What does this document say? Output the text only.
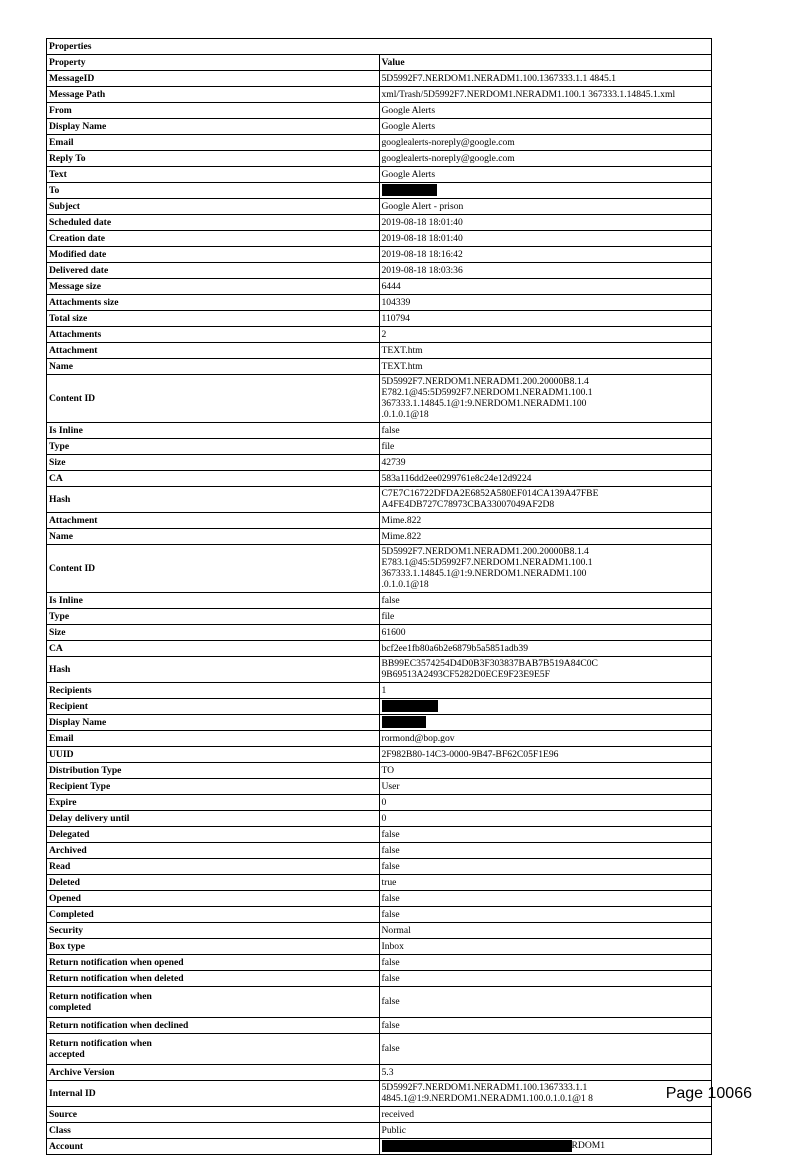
Properties	
Property	Value
MessageID	5D5992F7.NERDOM1.NERADM1.100.1367333.1.1 4845.1
Message Path	xml/Trash/5D5992F7.NERDOM1.NERADM1.100.1 367333.1.14845.1.xml
From	Google Alerts
Display Name	Google Alerts
Email	googlealerts-noreply@google.com
Reply To	googlealerts-noreply@google.com
Text	Google Alerts
To	
Subject	Google Alert - prison
Scheduled date	2019-08-18 18:01:40
Creation date	2019-08-18 18:01:40
Modified date	2019-08-18 18:16:42
Delivered date	2019-08-18 18:03:36
Message size	6444
Attachments size	104339
Total size	110794
Attachments	2
Attachment	TEXT.htm
Name	TEXT.htm
Content ID	5D5992F7.NERDOM1.NERADM1.200.20000B8.1.4
E782.1@45:5D5992F7.NERDOM1.NERADM1.100.1 367333.1.14845.1@1:9.NERDOM1.NERADM1.100
.0.1.0.1@18

Is Inline	false
Type	file
Size	42739
CA	583a116dd2ee0299761e8c24e12d9224
Hash	C7E7C16722DFDA2E6852A580EF014CA139A47FBE A4FE4DB727C78973CBA33007049AF2D8
Attachment	Mime.822
Name	Mime.822
Content ID	5D5992F7.NERDOM1.NERADM1.200.20000B8.1.4
E783.1@45:5D5992F7.NERDOM1.NERADM1.100.1 367333.1.14845.1@1:9.NERDOM1.NERADM1.100
.0.1.0.1@18

Is Inline	false
Type	file
Size	61600
CA	bcf2ee1fb80a6b2e6879b5a5851adb39
Hash	BB99EC3574254D4D0B3F303837BAB7B519A84C0C 9B69513A2493CF5282D0ECE9F23E9E5F
Recipients	1
Recipient	
Display Name	
Email	rormond@bop.gov
UUID	2F982B80-14C3-0000-9B47-BF62C05F1E96
Distribution Type	TO
Recipient Type	User
Expire	0
Delay delivery until	0
Delegated	false
Archived	false
Read	false
Deleted	true
Opened	false
Completed	false
Security	Normal
Box type	Inbox
Return notification when opened	false
Return notification when deleted	false

Return notification when
completed	false
Return notification when declined	false

Return notification when
accepted	false
Archive Version	5.3
Internal ID	5D5992F7.NERDOM1.NERADM1.100.1367333.1.1 4845.1@1:9.NERDOM1.NERADM1.100.0.1.0.1@1 8
Source	received
Class	Public
Account	RDOM1
Page 10066
